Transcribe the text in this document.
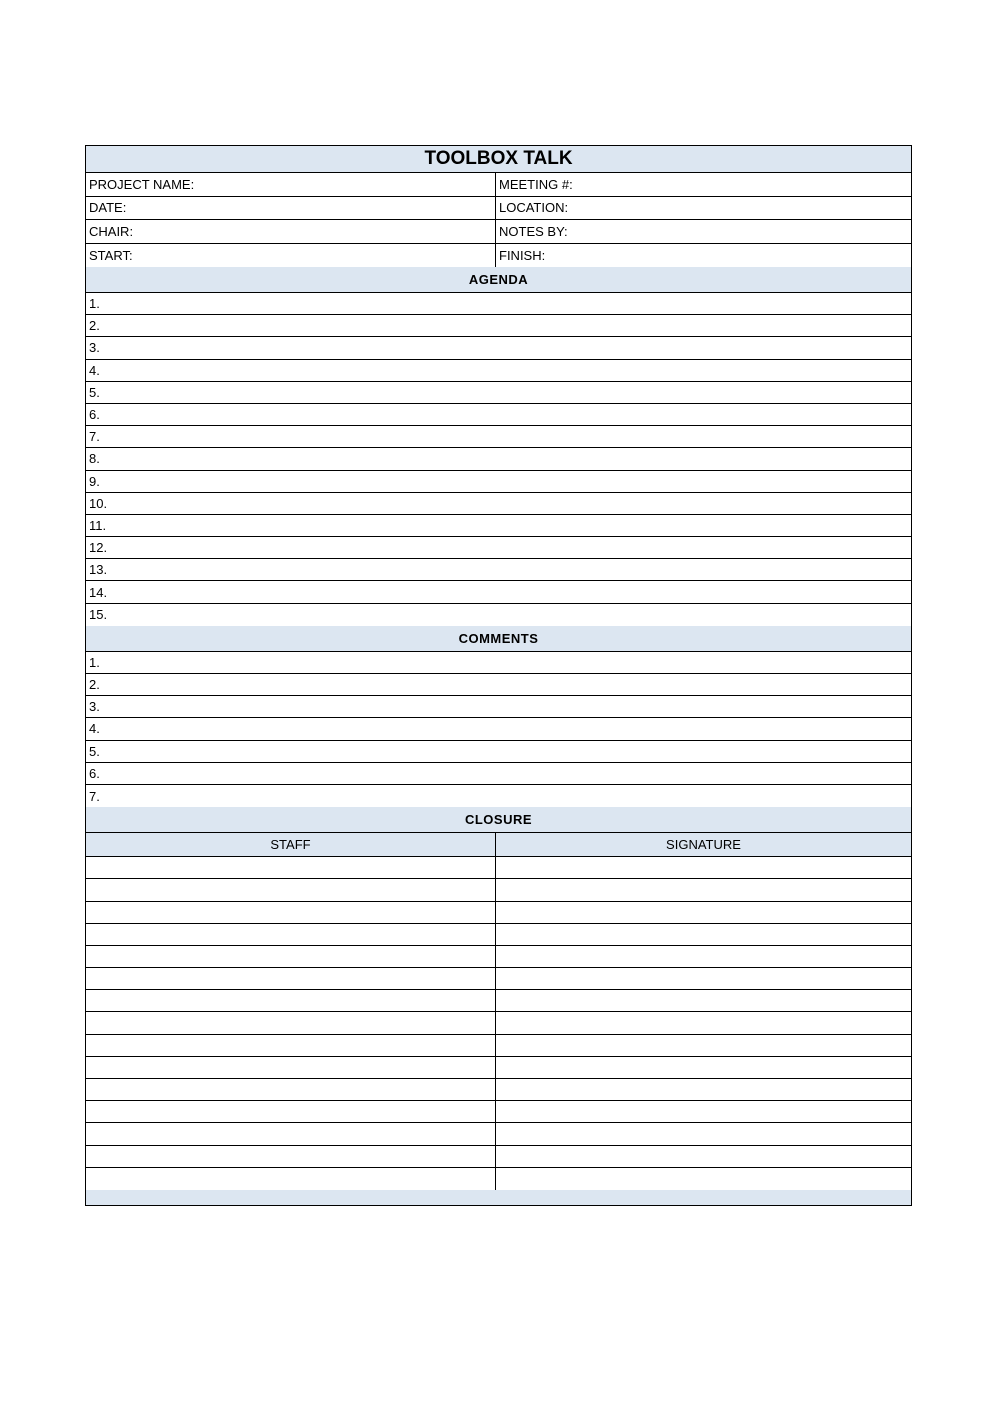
TOOLBOX TALK
PROJECT NAME:	MEETING #:
DATE:	LOCATION:
CHAIR:	NOTES BY:
START:	FINISH:
AGENDA
1.
2.
3.
4.
5.
6.
7.
8.
9.
10.
11.
12.
13.
14.
15.
COMMENTS
1.
2.
3.
4.
5.
6.
7.
CLOSURE
STAFF	SIGNATURE
